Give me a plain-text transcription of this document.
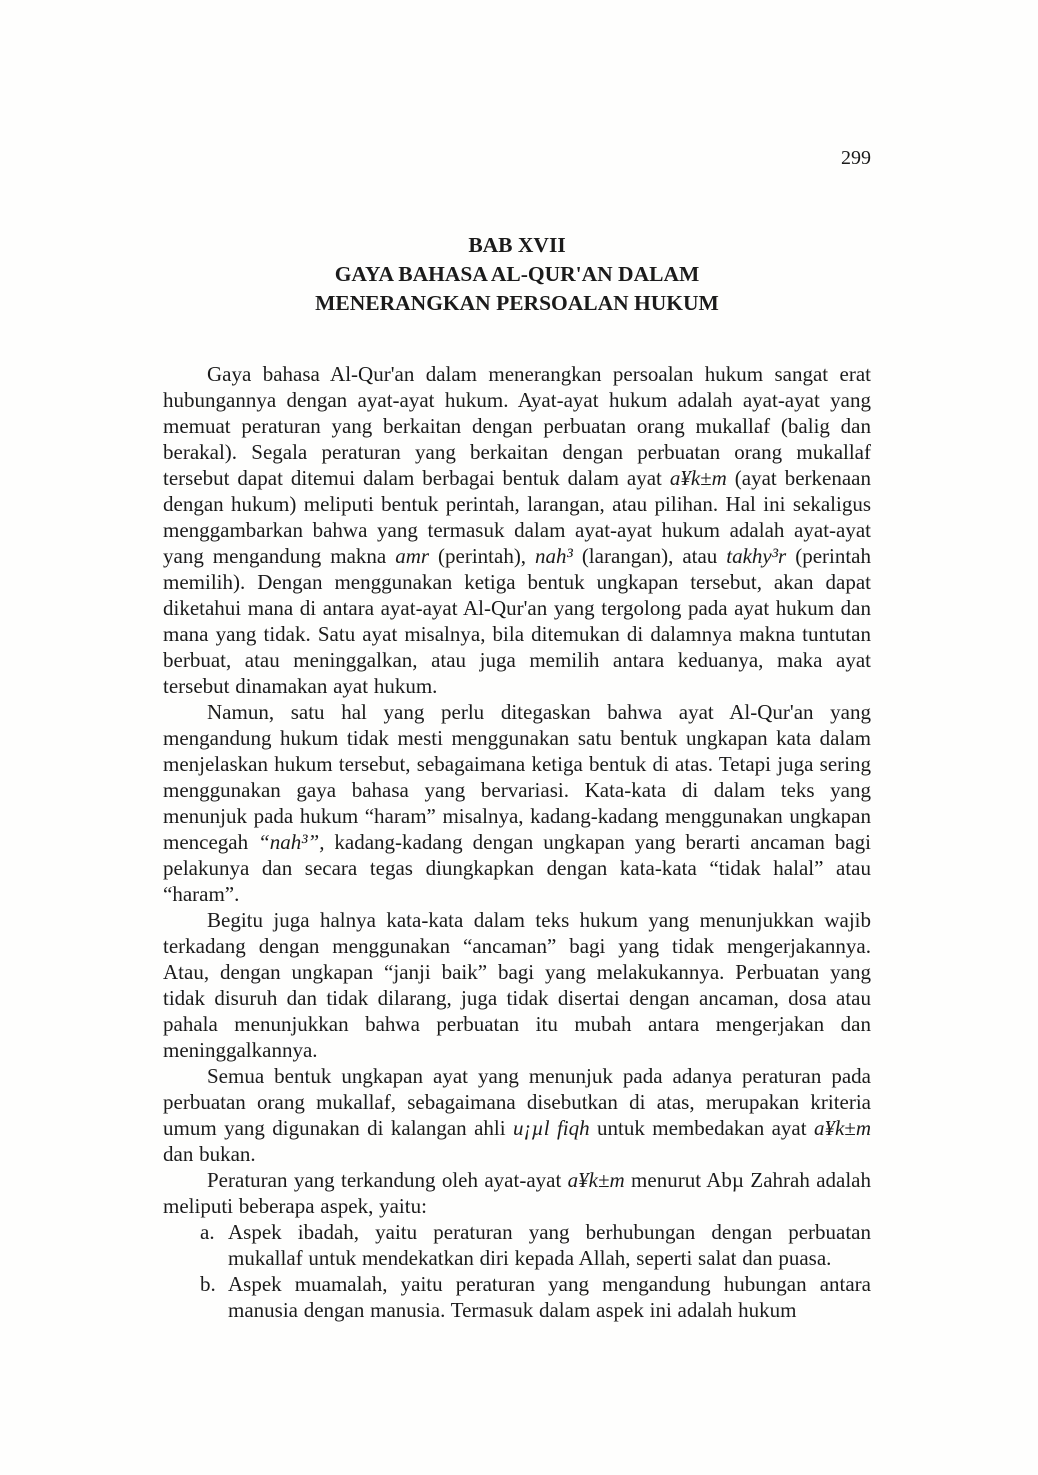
299
BAB XVII
GAYA BAHASA AL-QUR'AN DALAM
MENERANGKAN PERSOALAN HUKUM
Gaya bahasa Al-Qur'an dalam menerangkan persoalan hukum sangat erat hubungannya dengan ayat-ayat hukum. Ayat-ayat hukum adalah ayat-ayat yang memuat peraturan yang berkaitan dengan perbuatan orang mukallaf (balig dan berakal). Segala peraturan yang berkaitan dengan perbuatan orang mukallaf tersebut dapat ditemui dalam berbagai bentuk dalam ayat a¥k±m (ayat berkenaan dengan hukum) meliputi bentuk perintah, larangan, atau pilihan. Hal ini sekaligus menggambarkan bahwa yang termasuk dalam ayat-ayat hukum adalah ayat-ayat yang mengandung makna amr (perintah), nah³ (larangan), atau takhy³r (perintah memilih). Dengan menggunakan ketiga bentuk ungkapan tersebut, akan dapat diketahui mana di antara ayat-ayat Al-Qur'an yang tergolong pada ayat hukum dan mana yang tidak. Satu ayat misalnya, bila ditemukan di dalamnya makna tuntutan berbuat, atau meninggalkan, atau juga memilih antara keduanya, maka ayat tersebut dinamakan ayat hukum.
Namun, satu hal yang perlu ditegaskan bahwa ayat Al-Qur'an yang mengandung hukum tidak mesti menggunakan satu bentuk ungkapan kata dalam menjelaskan hukum tersebut, sebagaimana ketiga bentuk di atas. Tetapi juga sering menggunakan gaya bahasa yang bervariasi. Kata-kata di dalam teks yang menunjuk pada hukum “haram” misalnya, kadang-kadang menggunakan ungkapan mencegah “nah³”, kadang-kadang dengan ungkapan yang berarti ancaman bagi pelakunya dan secara tegas diungkapkan dengan kata-kata “tidak halal” atau “haram”.
Begitu juga halnya kata-kata dalam teks hukum yang menunjukkan wajib terkadang dengan menggunakan “ancaman” bagi yang tidak mengerjakannya. Atau, dengan ungkapan “janji baik” bagi yang melakukannya. Perbuatan yang tidak disuruh dan tidak dilarang, juga tidak disertai dengan ancaman, dosa atau pahala menunjukkan bahwa perbuatan itu mubah antara mengerjakan dan meninggalkannya.
Semua bentuk ungkapan ayat yang menunjuk pada adanya peraturan pada perbuatan orang mukallaf, sebagaimana disebutkan di atas, merupakan kriteria umum yang digunakan di kalangan ahli u¡µl fiqh untuk membedakan ayat a¥k±m dan bukan.
Peraturan yang terkandung oleh ayat-ayat a¥k±m menurut Abµ Zahrah adalah meliputi beberapa aspek, yaitu:
a. Aspek ibadah, yaitu peraturan yang berhubungan dengan perbuatan mukallaf untuk mendekatkan diri kepada Allah, seperti salat dan puasa.
b. Aspek muamalah, yaitu peraturan yang mengandung hubungan antara manusia dengan manusia. Termasuk dalam aspek ini adalah hukum
